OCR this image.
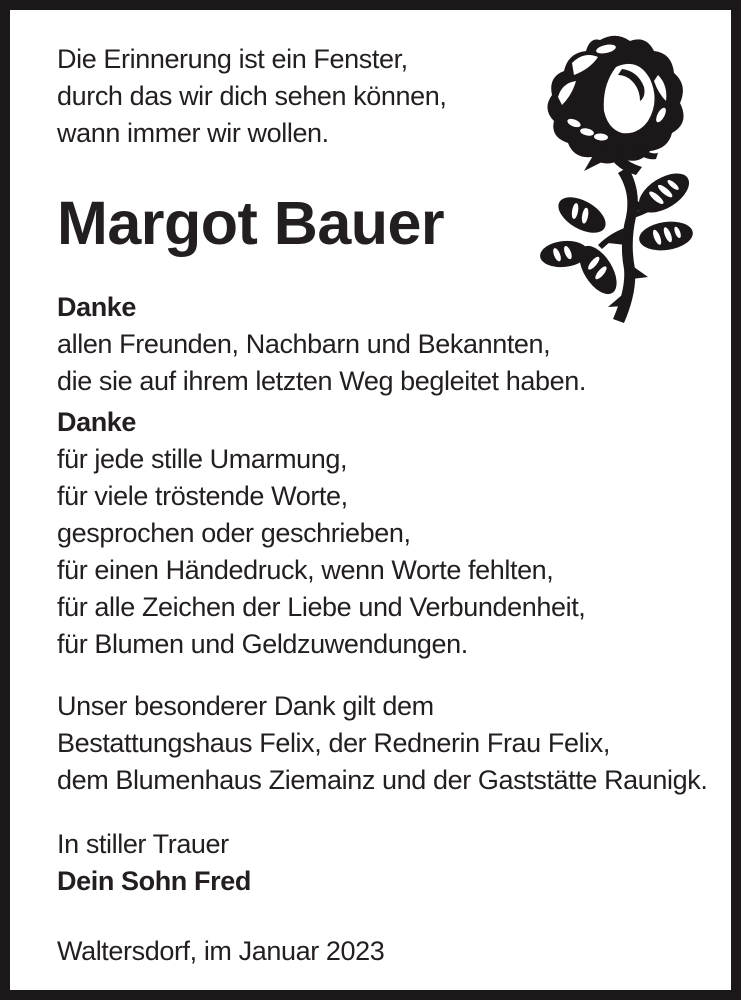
Die Erinnerung ist ein Fenster,
durch das wir dich sehen können,
wann immer wir wollen.
Margot Bauer
Danke
allen Freunden, Nachbarn und Bekannten,
die sie auf ihrem letzten Weg begleitet haben.
Danke
für jede stille Umarmung,
für viele tröstende Worte,
gesprochen oder geschrieben,
für einen Händedruck, wenn Worte fehlten,
für alle Zeichen der Liebe und Verbundenheit,
für Blumen und Geldzuwendungen.
Unser besonderer Dank gilt dem
Bestattungshaus Felix, der Rednerin Frau Felix,
dem Blumenhaus Ziemainz und der Gaststätte Raunigk.
In stiller Trauer
Dein Sohn Fred
Waltersdorf, im Januar 2023
